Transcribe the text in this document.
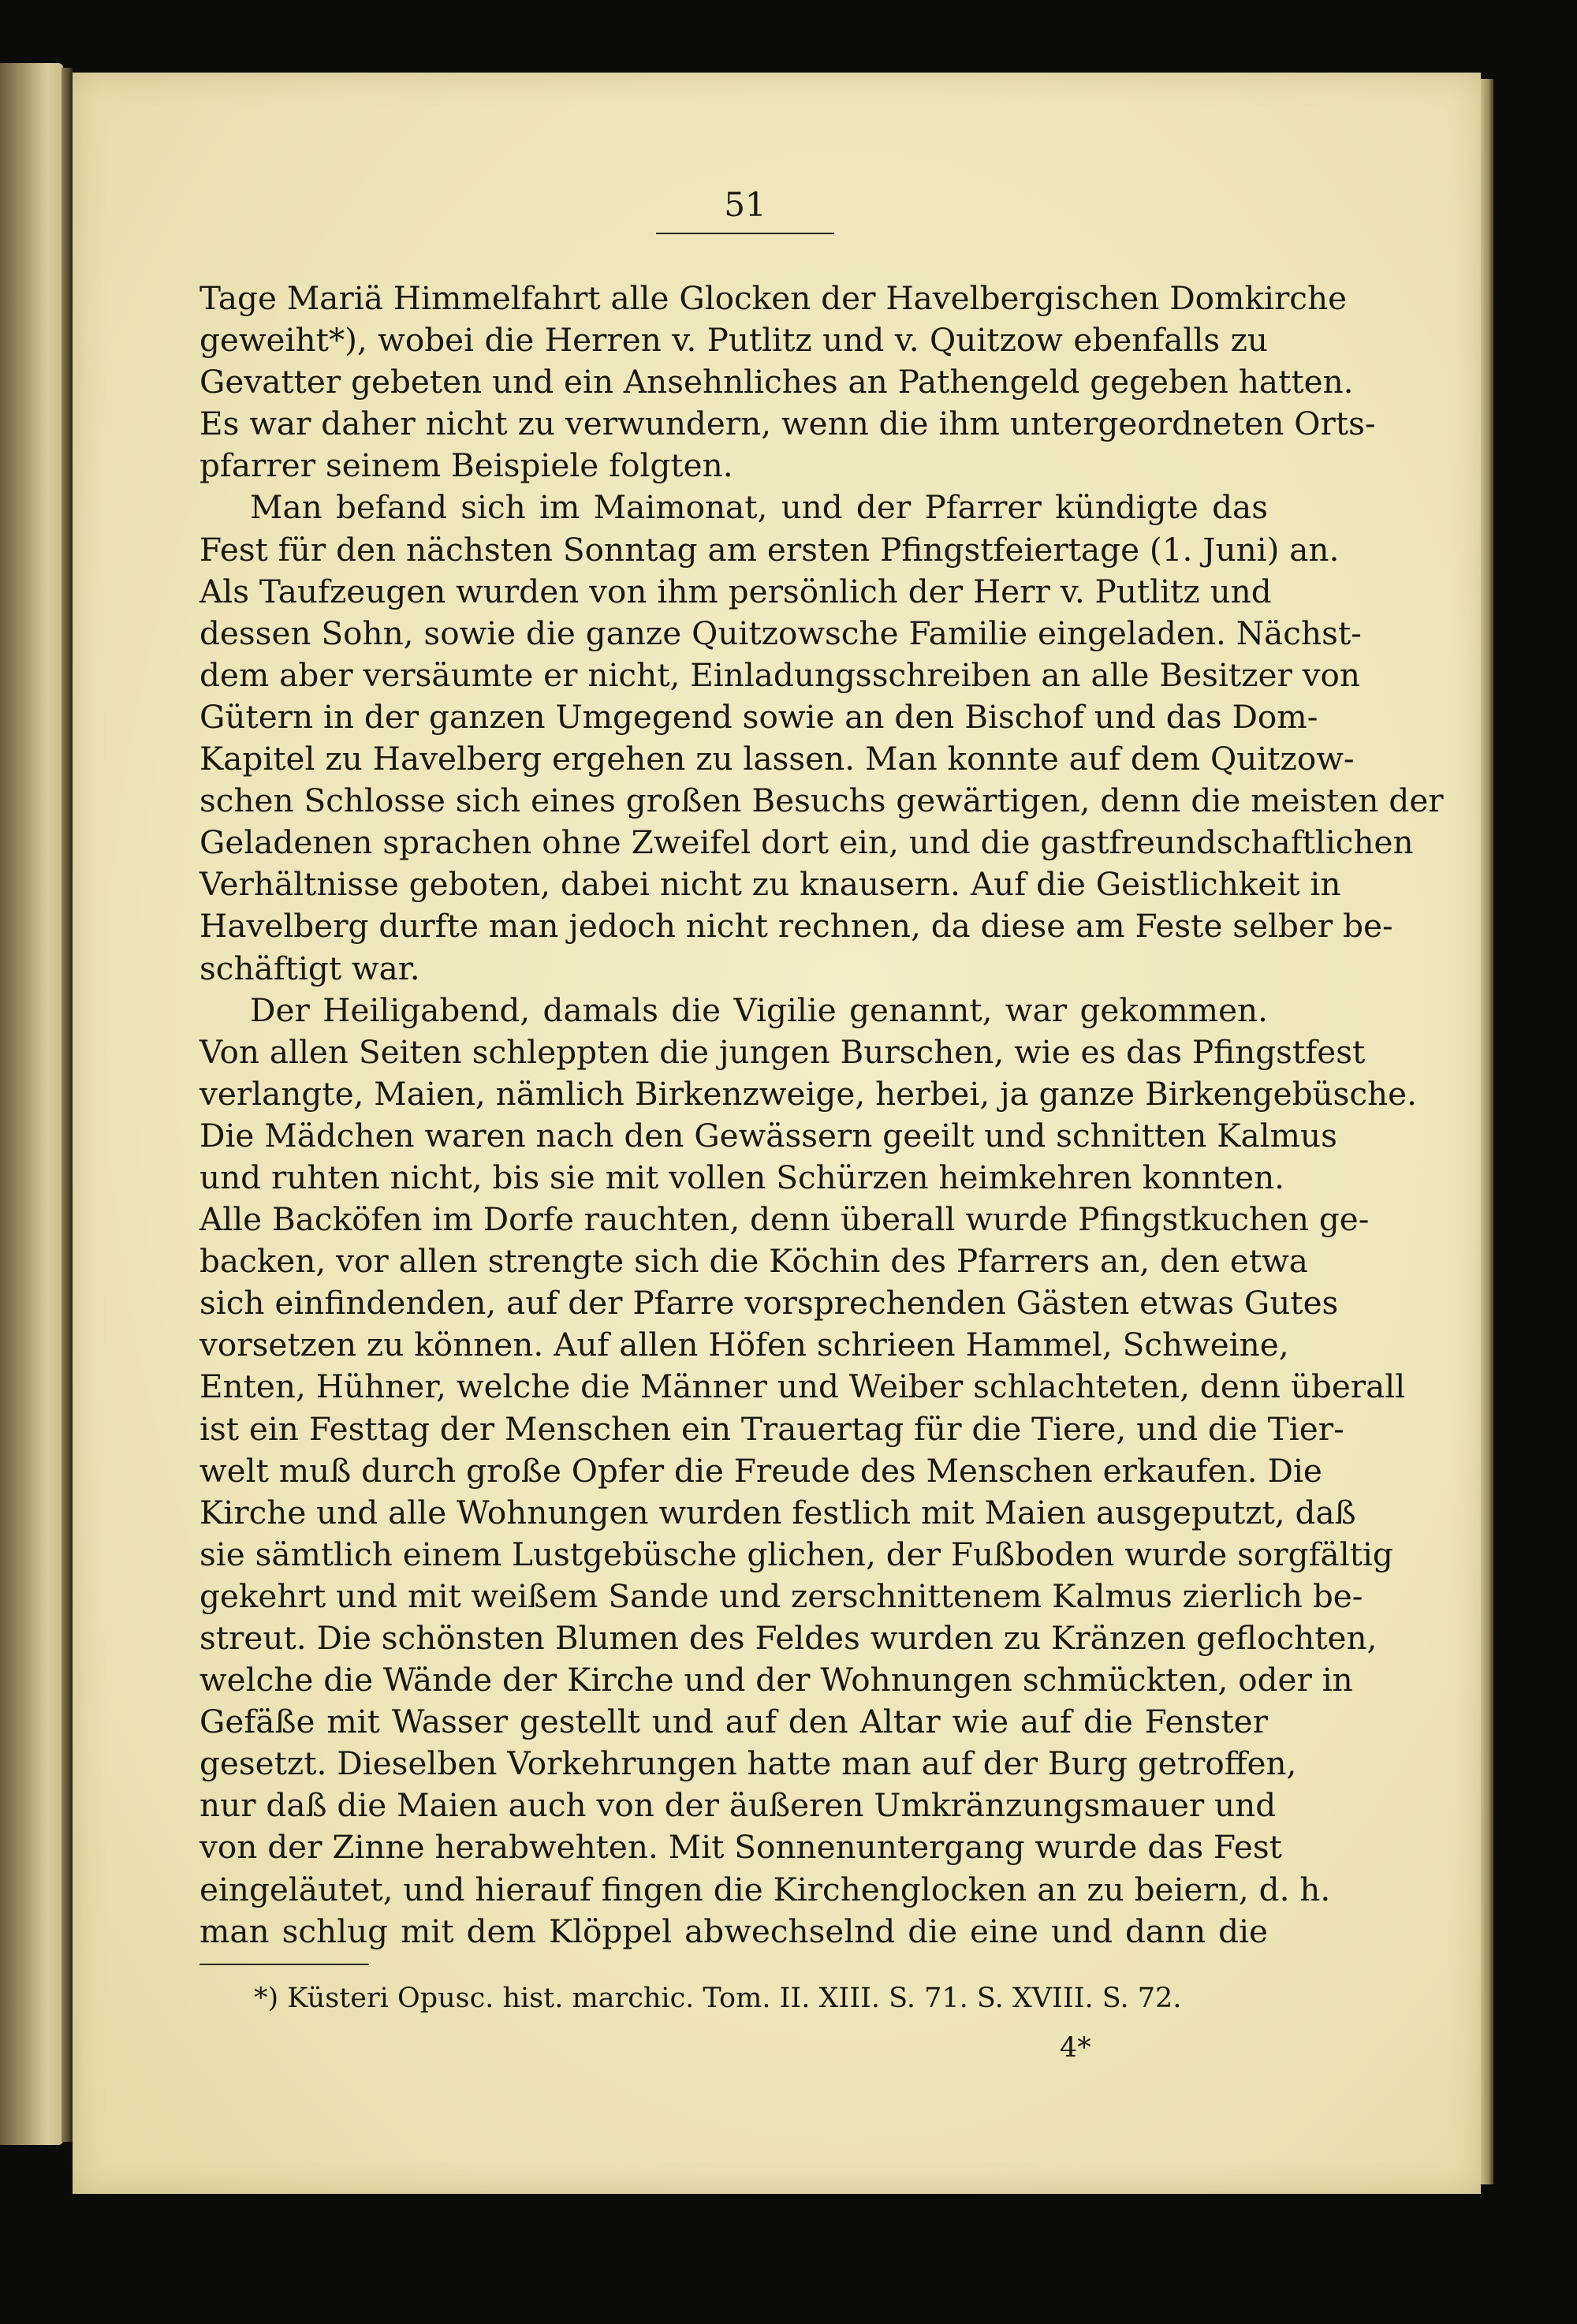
51
Tage Mariä Himmelfahrt alle Glocken der Havelbergischen Domkirche
geweiht*), wobei die Herren v. Putlitz und v. Quitzow ebenfalls zu
Gevatter gebeten und ein Ansehnliches an Pathengeld gegeben hatten.
Es war daher nicht zu verwundern, wenn die ihm untergeordneten Orts-
pfarrer seinem Beispiele folgten.
Man befand sich im Maimonat, und der Pfarrer kündigte das
Fest für den nächsten Sonntag am ersten Pfingstfeiertage (1. Juni) an.
Als Taufzeugen wurden von ihm persönlich der Herr v. Putlitz und
dessen Sohn, sowie die ganze Quitzowsche Familie eingeladen. Nächst-
dem aber versäumte er nicht, Einladungsschreiben an alle Besitzer von
Gütern in der ganzen Umgegend sowie an den Bischof und das Dom-
Kapitel zu Havelberg ergehen zu lassen. Man konnte auf dem Quitzow-
schen Schlosse sich eines großen Besuchs gewärtigen, denn die meisten der
Geladenen sprachen ohne Zweifel dort ein, und die gastfreundschaftlichen
Verhältnisse geboten, dabei nicht zu knausern. Auf die Geistlichkeit in
Havelberg durfte man jedoch nicht rechnen, da diese am Feste selber be-
schäftigt war.
Der Heiligabend, damals die Vigilie genannt, war gekommen.
Von allen Seiten schleppten die jungen Burschen, wie es das Pfingstfest
verlangte, Maien, nämlich Birkenzweige, herbei, ja ganze Birkengebüsche.
Die Mädchen waren nach den Gewässern geeilt und schnitten Kalmus
und ruhten nicht, bis sie mit vollen Schürzen heimkehren konnten.
Alle Backöfen im Dorfe rauchten, denn überall wurde Pfingstkuchen ge-
backen, vor allen strengte sich die Köchin des Pfarrers an, den etwa
sich einfindenden, auf der Pfarre vorsprechenden Gästen etwas Gutes
vorsetzen zu können. Auf allen Höfen schrieen Hammel, Schweine,
Enten, Hühner, welche die Männer und Weiber schlachteten, denn überall
ist ein Festtag der Menschen ein Trauertag für die Tiere, und die Tier-
welt muß durch große Opfer die Freude des Menschen erkaufen. Die
Kirche und alle Wohnungen wurden festlich mit Maien ausgeputzt, daß
sie sämtlich einem Lustgebüsche glichen, der Fußboden wurde sorgfältig
gekehrt und mit weißem Sande und zerschnittenem Kalmus zierlich be-
streut. Die schönsten Blumen des Feldes wurden zu Kränzen geflochten,
welche die Wände der Kirche und der Wohnungen schmückten, oder in
Gefäße mit Wasser gestellt und auf den Altar wie auf die Fenster
gesetzt. Dieselben Vorkehrungen hatte man auf der Burg getroffen,
nur daß die Maien auch von der äußeren Umkränzungsmauer und
von der Zinne herabwehten. Mit Sonnenuntergang wurde das Fest
eingeläutet, und hierauf fingen die Kirchenglocken an zu beiern, d. h.
man schlug mit dem Klöppel abwechselnd die eine und dann die
*) Küsteri Opusc. hist. marchic. Tom. II. XIII. S. 71. S. XVIII. S. 72.
4*
